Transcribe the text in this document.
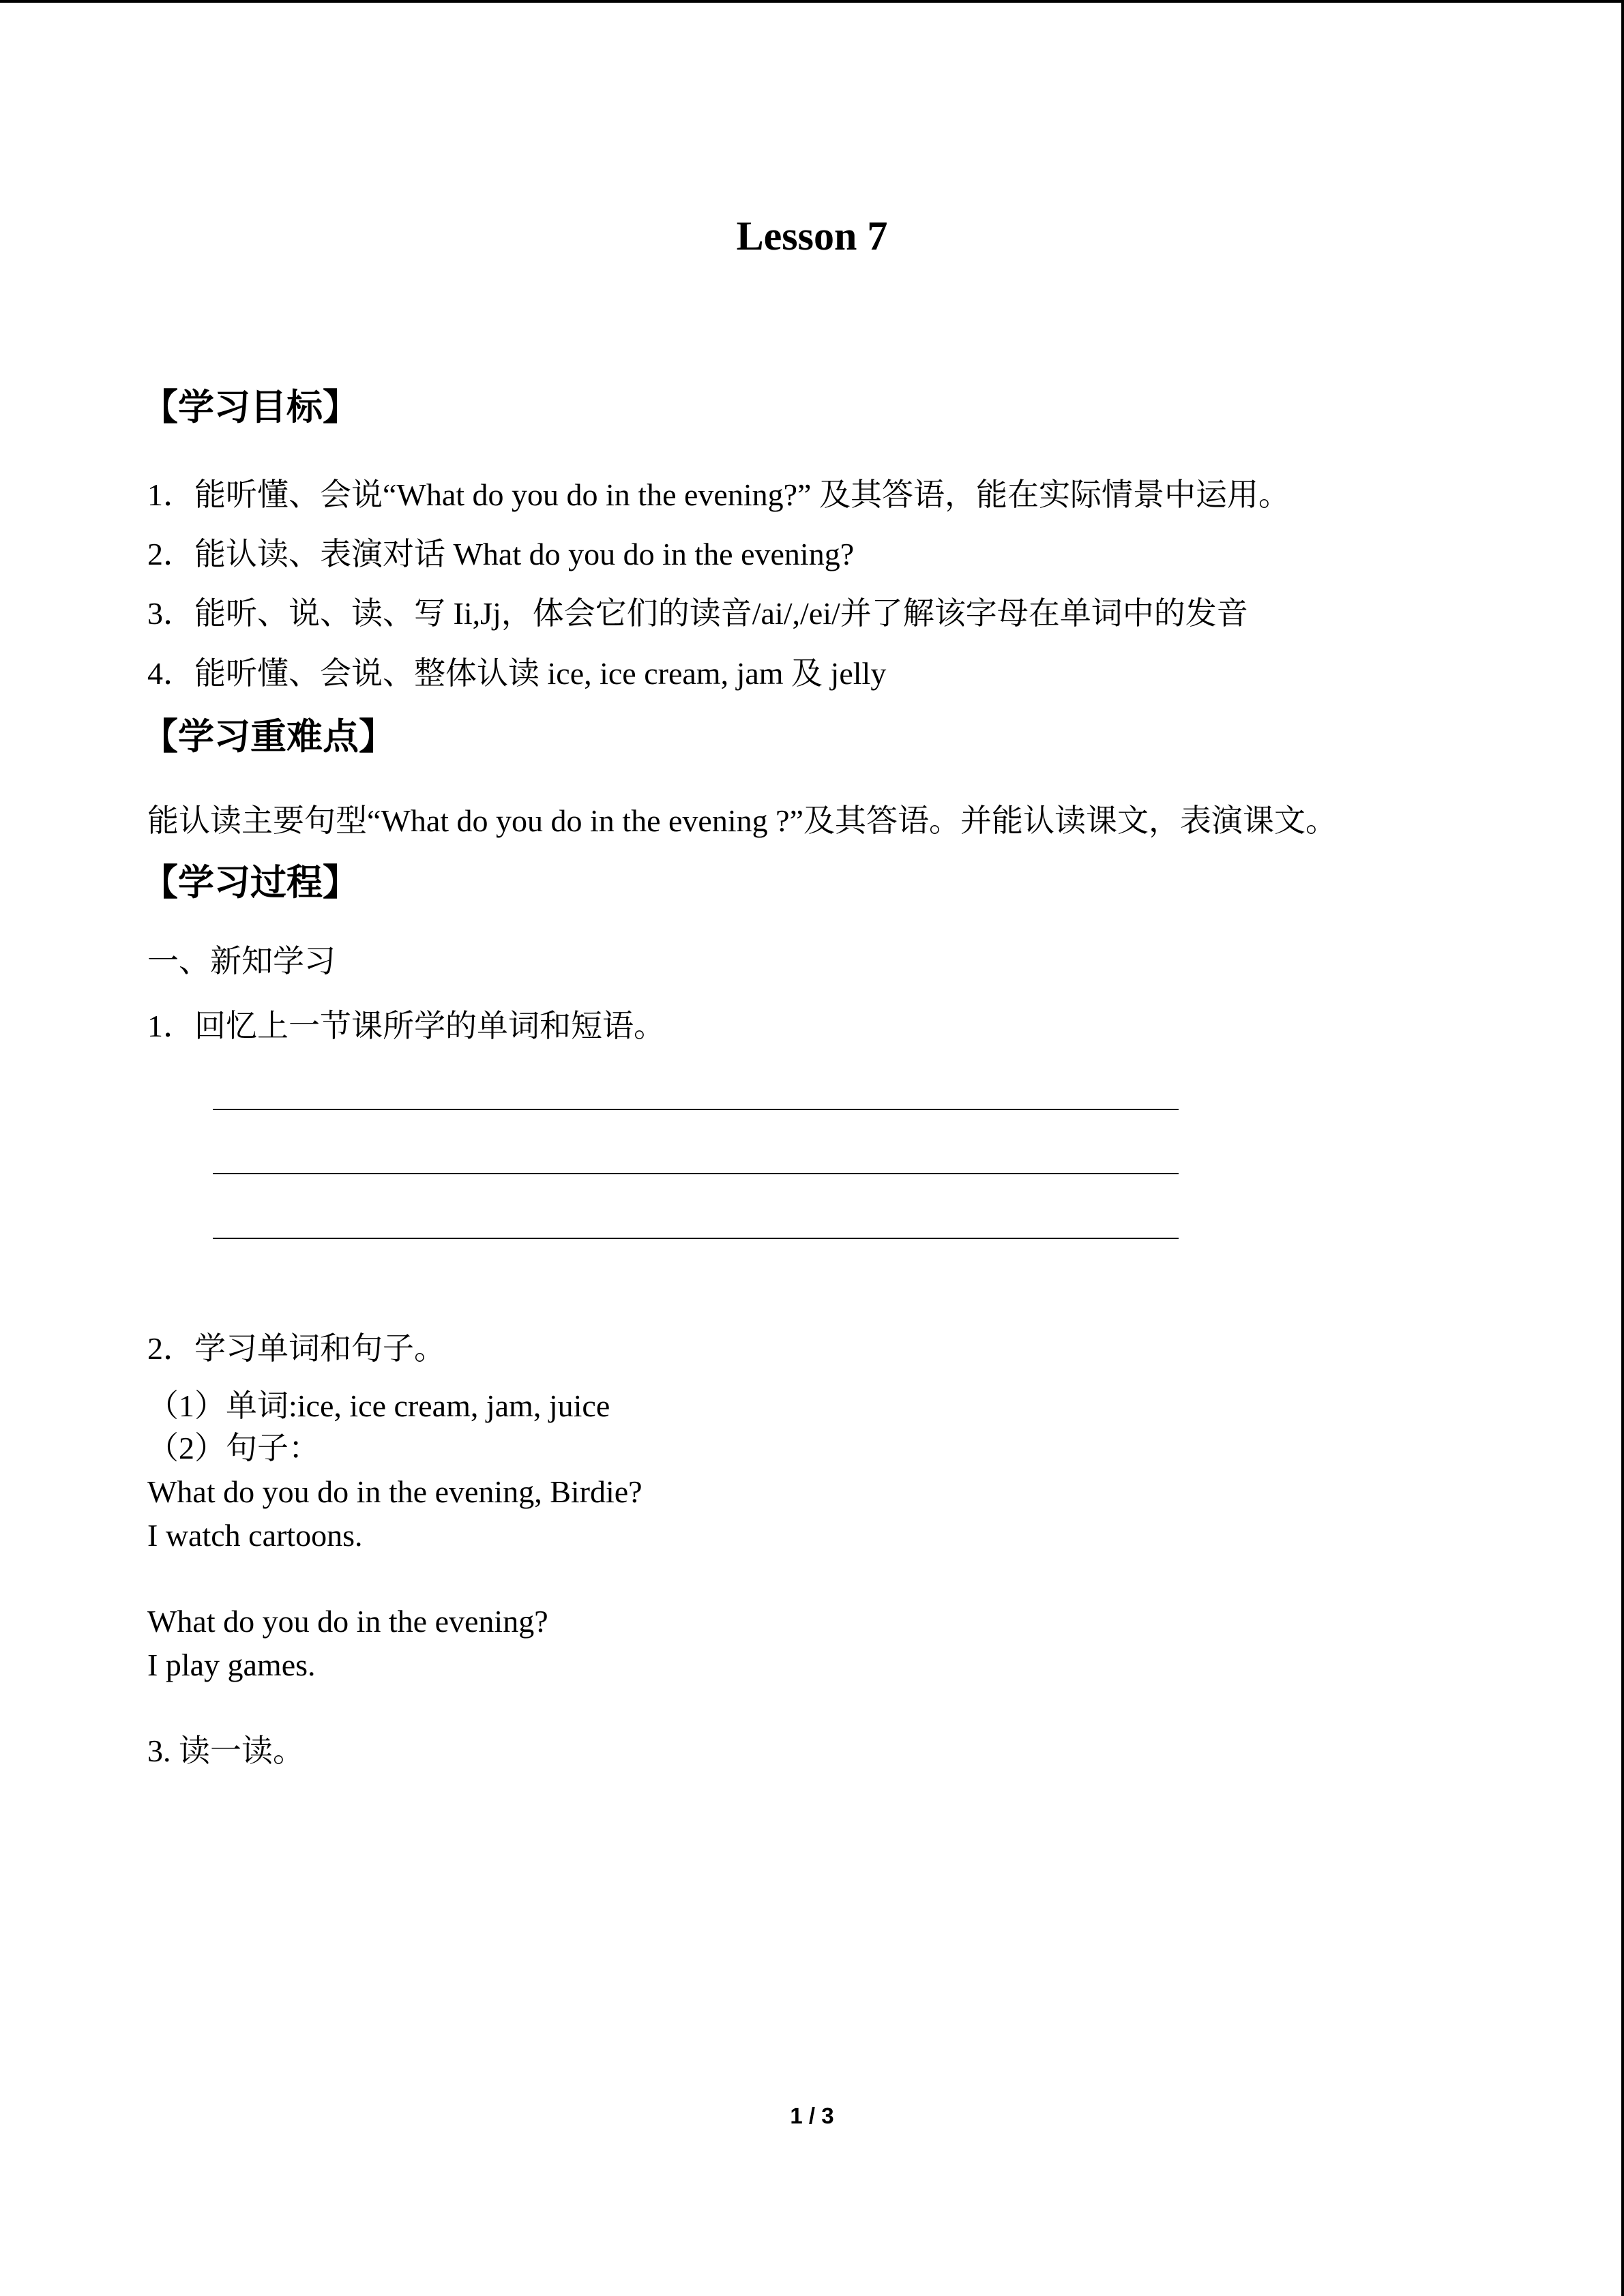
Lesson 7
【学习目标】
1．能听懂、会说“What do you do in the evening?” 及其答语，能在实际情景中运用。
2．能认读、表演对话 What do you do in the evening?
3．能听、说、读、写 Ii,Jj，体会它们的读音/ai/,/ei/并了解该字母在单词中的发音
4．能听懂、会说、整体认读 ice, ice cream, jam 及 jelly
【学习重难点】
能认读主要句型“What do you do in the evening ?”及其答语。并能认读课文，表演课文。
【学习过程】
一、新知学习
1．回忆上一节课所学的单词和短语。
2．学习单词和句子。
（1）单词:ice, ice cream, jam, juice
（2）句子：
What do you do in the evening, Birdie?
I watch cartoons.
What do you do in the evening?
I play games.
3. 读一读。
1 / 3
